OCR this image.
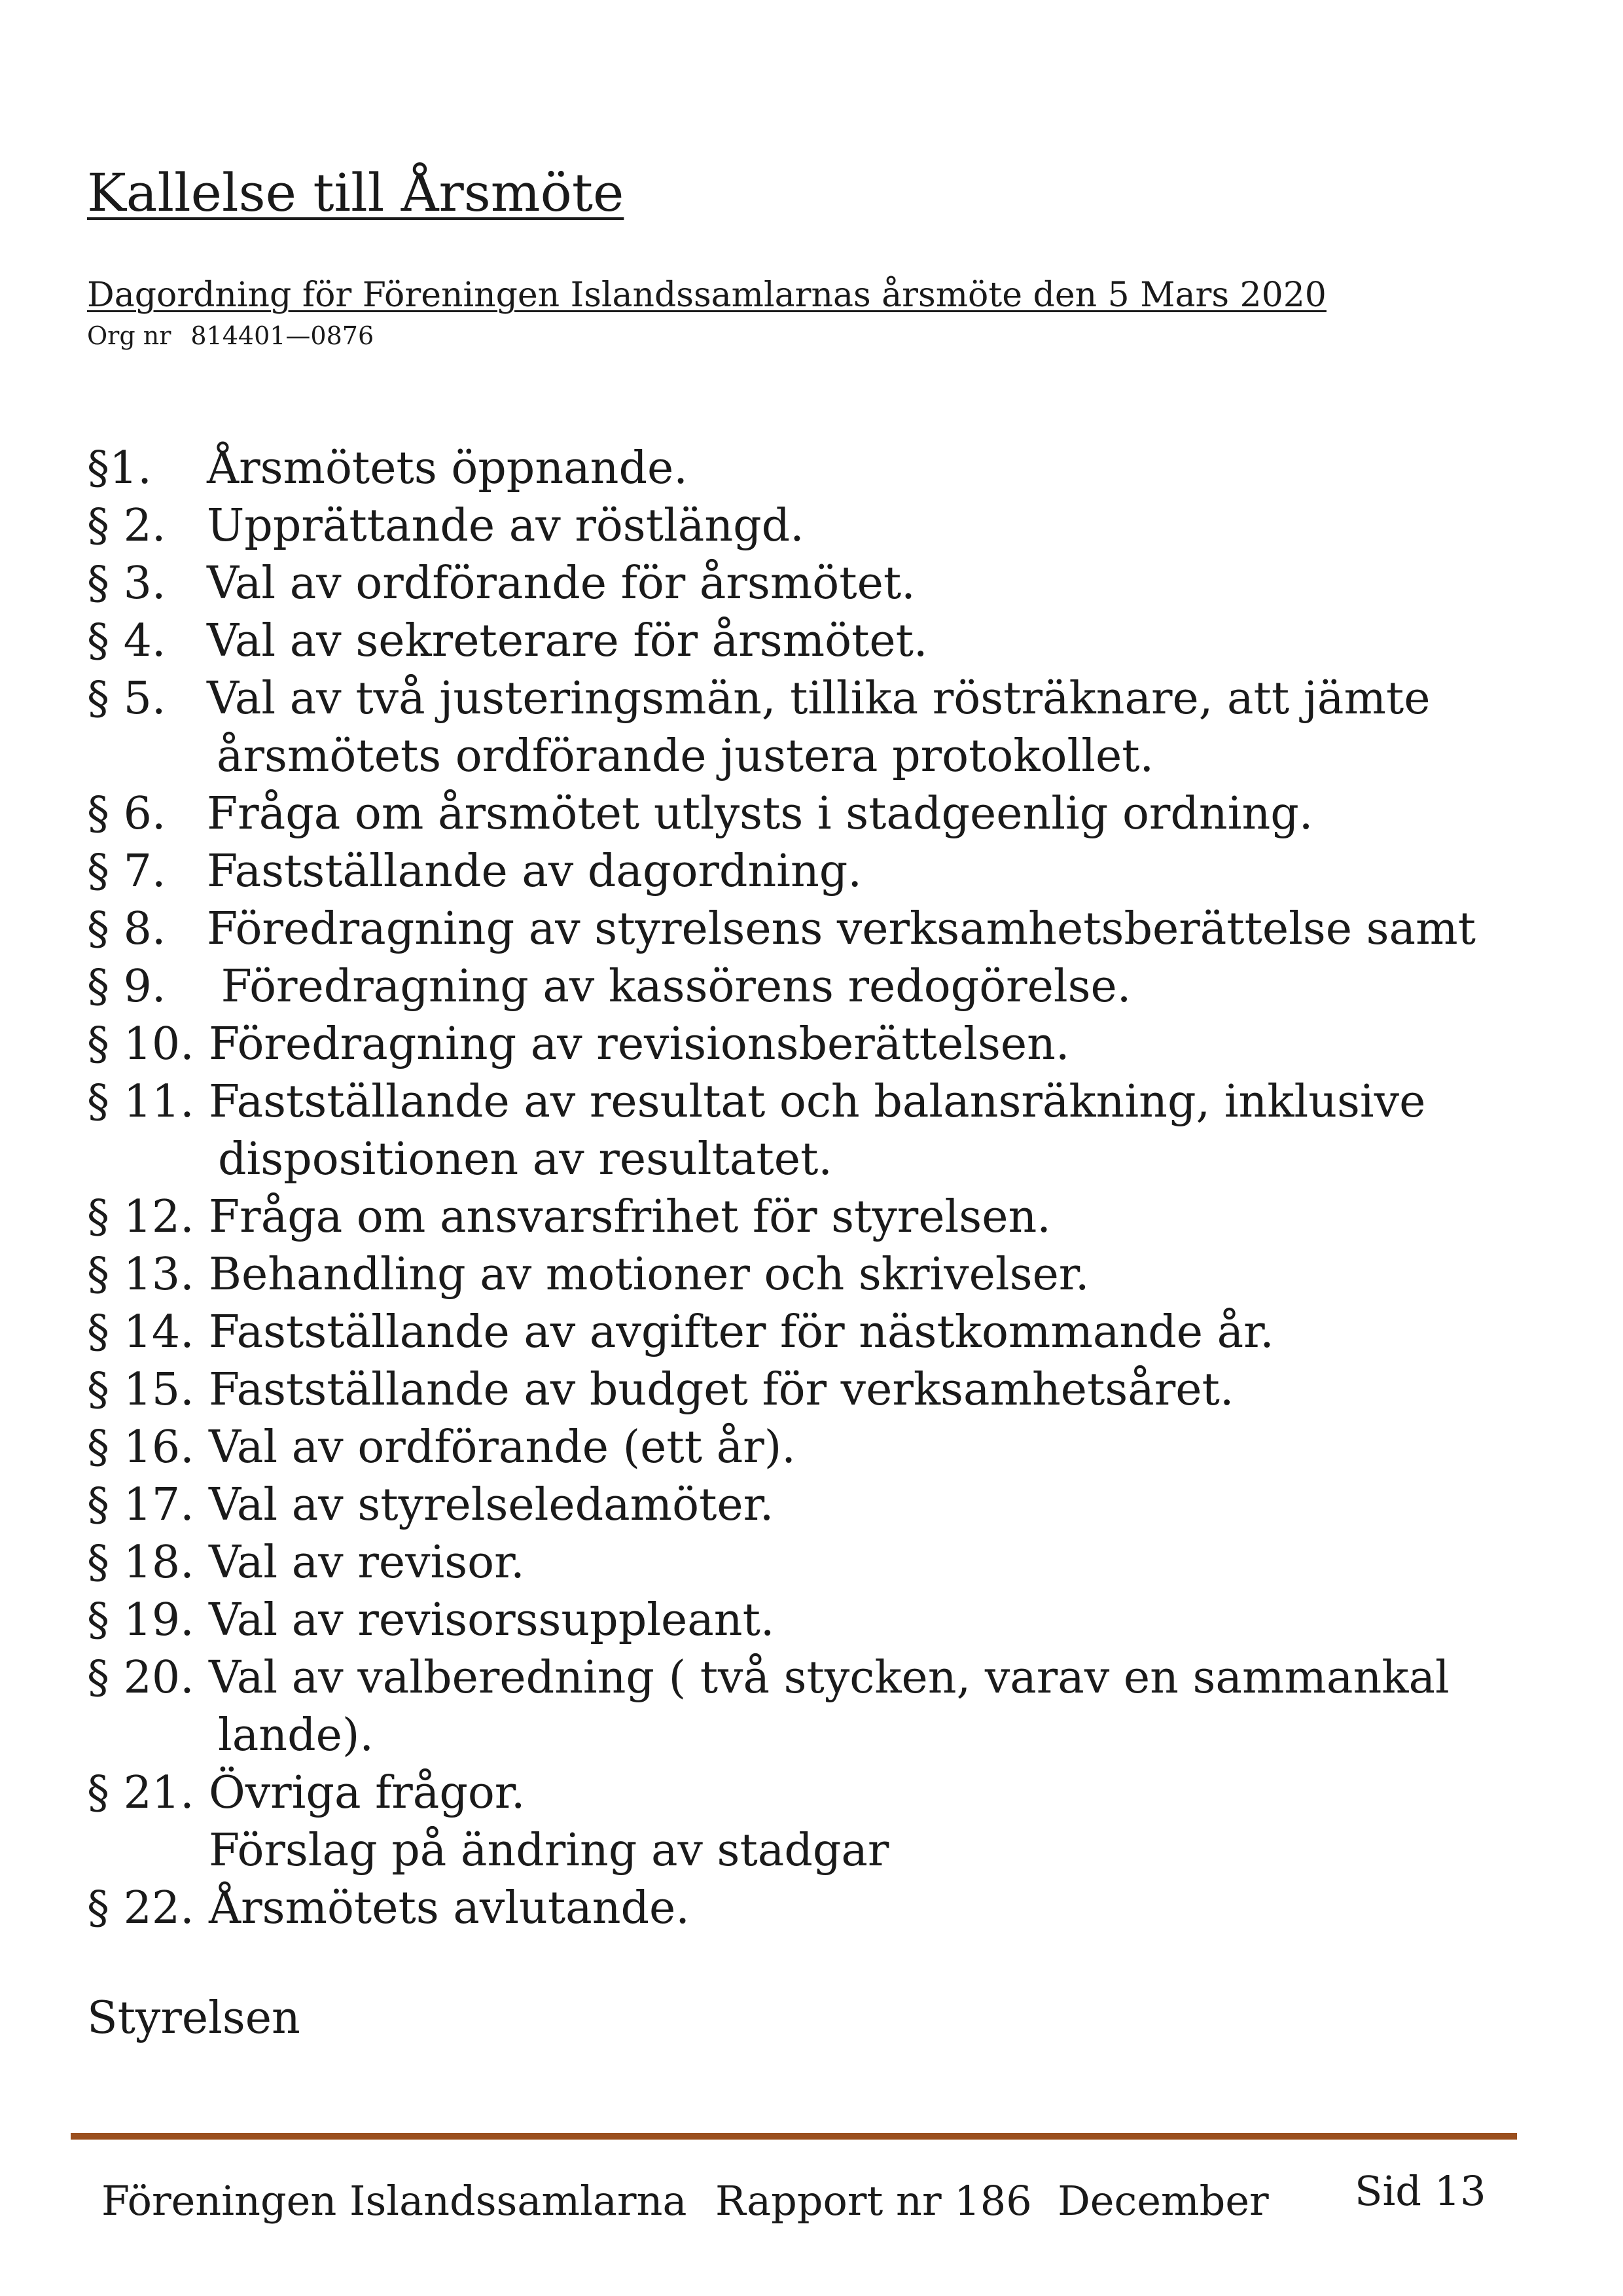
Kallelse till Årsmöte
Dagordning för Föreningen Islandssamlarnas årsmöte den 5 Mars 2020
Org nr 814401—0876
§1.	Årsmötets öppnande.
§ 2. Upprättande av röstlängd.
§ 3. Val av ordförande för årsmötet.
§ 4. Val av sekreterare för årsmötet.
§ 5. Val av två justeringsmän, tillika rösträknare, att jämte
årsmötets ordförande justera protokollet.
§ 6. Fråga om årsmötet utlysts i stadgeenlig ordning.
§ 7. Fastställande av dagordning.
§ 8. Föredragning av styrelsens verksamhetsberättelse samt
§ 9. Föredragning av kassörens redogörelse.
§ 10. Föredragning av revisionsberättelsen.
§ 11. Fastställande av resultat och balansräkning, inklusive
dispositionen av resultatet.
§ 12. Fråga om ansvarsfrihet för styrelsen.
§ 13. Behandling av motioner och skrivelser.
§ 14. Fastställande av avgifter för nästkommande år.
§ 15. Fastställande av budget för verksamhetsåret.
§ 16. Val av ordförande (ett år).
§ 17. Val av styrelseledamöter.
§ 18. Val av revisor.
§ 19. Val av revisorssuppleant.
§ 20. Val av valberedning ( två stycken, varav en sammankal
lande).
§ 21. Övriga frågor.
Förslag på ändring av stadgar
§ 22. Årsmötets avlutande.
Styrelsen
Föreningen Islandssamlarna Rapport nr 186  December Sid 13
